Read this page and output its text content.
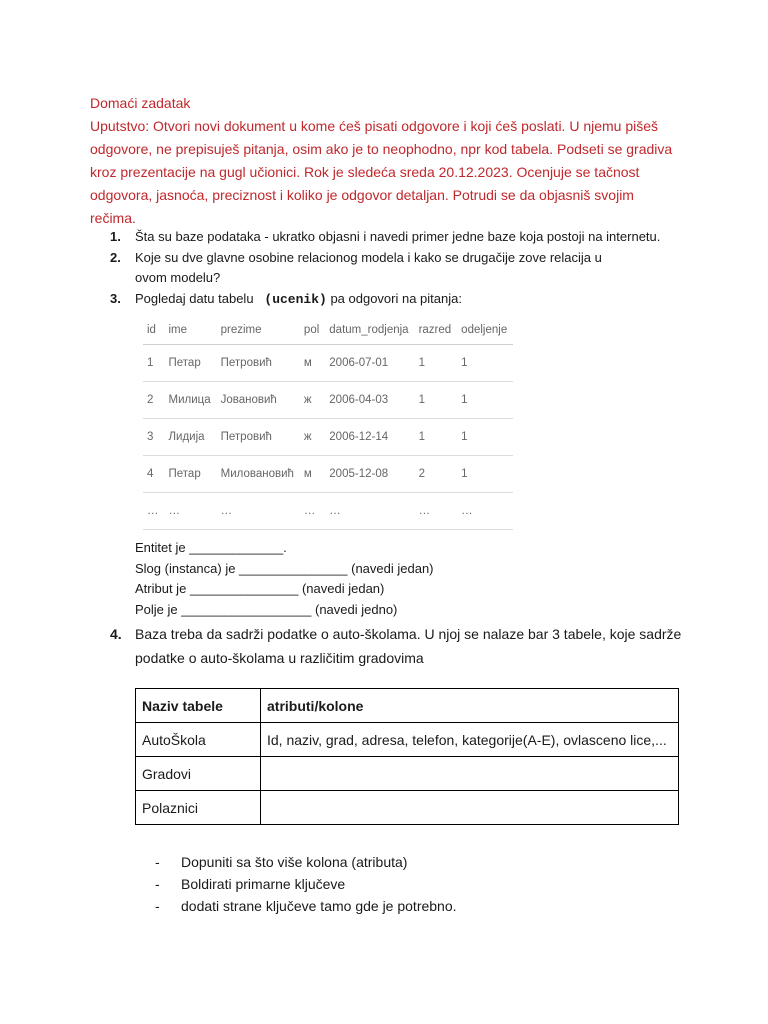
Domaći zadatak
Uputstvo: Otvori novi dokument u kome ćeš pisati odgovore i koji ćeš poslati. U njemu pišeš odgovore, ne prepisuješ pitanja, osim ako je to neophodno, npr kod tabela. Podseti se gradiva kroz prezentacije na gugl učionici. Rok je sledeća sreda 20.12.2023. Ocenjuje se tačnost odgovora, jasnoća, preciznost i koliko je odgovor detaljan. Potrudi se da objasniš svojim rečima.
1. Šta su baze podataka - ukratko objasni i navedi primer jedne baze koja postoji na internetu.
2. Koje su dve glavne osobine relacionog modela i kako se drugačije zove relacija u ovom modelu?
3. Pogledaj datu tabelu (ucenik) pa odgovori na pitanja:
id	ime	prezime	pol	datum_rodjenja	razred	odeljenje
1	Петар	Петровић	м	2006-07-01	1	1
2	Милица	Јовановић	ж	2006-04-03	1	1
3	Лидија	Петровић	ж	2006-12-14	1	1
4	Петар	Миловановић	м	2005-12-08	2	1
…	…	…	…	…	…	…
Entitet je _____________.
Slog (instanca) je _______________ (navedi jedan)
Atribut je _______________ (navedi jedan)
Polje je __________________ (navedi jedno)
4. Baza treba da sadrži podatke o auto-školama. U njoj se nalaze bar 3 tabele, koje sadrže podatke o auto-školama u različitim gradovima
Naziv tabele	atributi/kolone
AutoŠkola	Id, naziv, grad, adresa, telefon, kategorije(A-E), ovlasceno lice,...
Gradovi	
Polaznici	
-	Dopuniti sa što više kolona (atributa)
-	Boldirati primarne ključeve
-	dodati strane ključeve tamo gde je potrebno.
